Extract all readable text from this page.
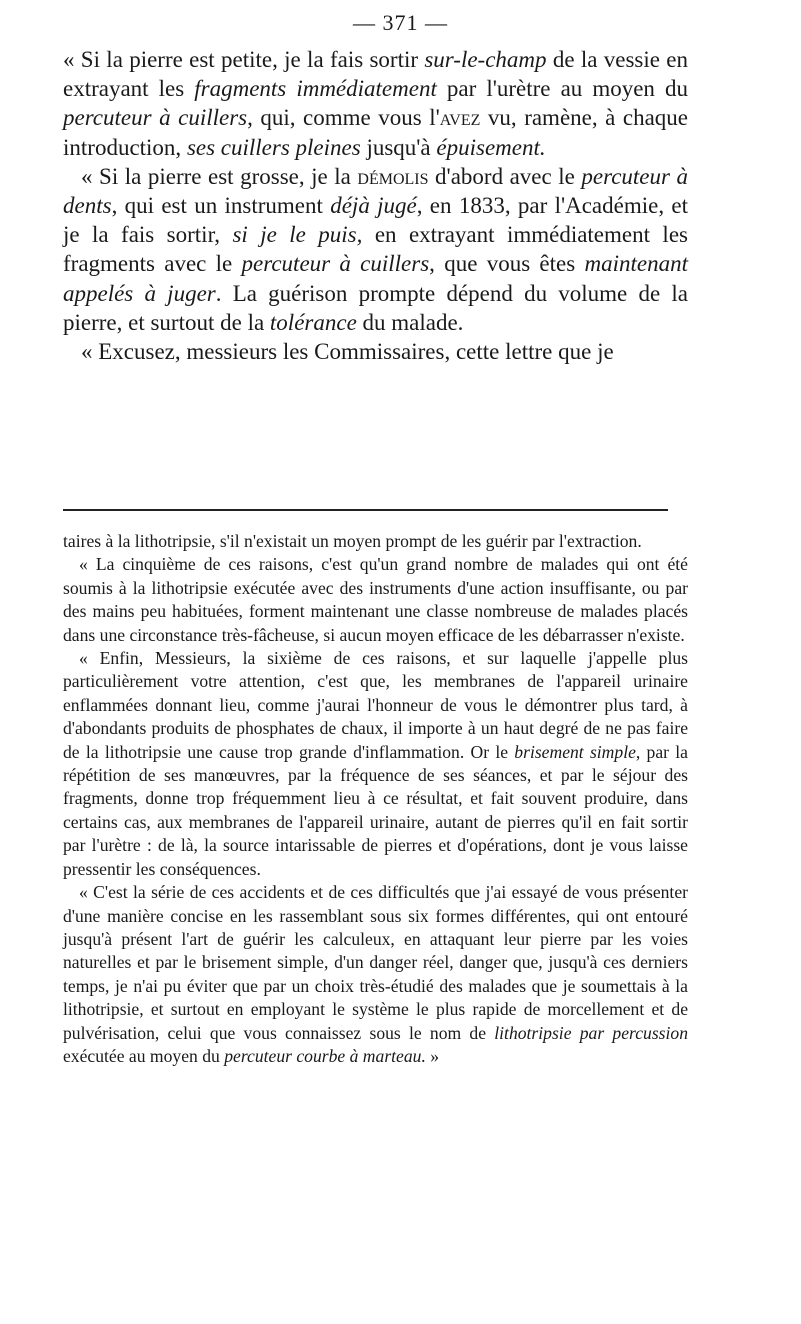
— 371 —

« Si la pierre est petite, je la fais sortir sur-le-champ de la vessie en extrayant les fragments immédiatement par l'urètre au moyen du percuteur à cuillers, qui, comme vous l'avez vu, ramène, à chaque introduction, ses cuillers pleines jusqu'à épuisement.

« Si la pierre est grosse, je la démolis d'abord avec le percuteur à dents, qui est un instrument déjà jugé, en 1833, par l'Académie, et je la fais sortir, si je le puis, en extrayant immédiatement les fragments avec le percuteur à cuillers, que vous êtes maintenant appelés à juger. La guérison prompte dépend du volume de la pierre, et surtout de la tolérance du malade.

« Excusez, messieurs les Commissaires, cette lettre que je

taires à la lithotripsie, s'il n'existait un moyen prompt de les guérir par l'extraction.

« La cinquième de ces raisons, c'est qu'un grand nombre de malades qui ont été soumis à la lithotripsie exécutée avec des instruments d'une action insuffisante, ou par des mains peu habituées, forment maintenant une classe nombreuse de malades placés dans une circonstance très-fâcheuse, si aucun moyen efficace de les débarrasser n'existe.

« Enfin, Messieurs, la sixième de ces raisons, et sur laquelle j'appelle plus particulièrement votre attention, c'est que, les membranes de l'appareil urinaire enflammées donnant lieu, comme j'aurai l'honneur de vous le démontrer plus tard, à d'abondants produits de phosphates de chaux, il importe à un haut degré de ne pas faire de la lithotripsie une cause trop grande d'inflammation. Or le brisement simple, par la répétition de ses manœuvres, par la fréquence de ses séances, et par le séjour des fragments, donne trop fréquemment lieu à ce résultat, et fait souvent produire, dans certains cas, aux membranes de l'appareil urinaire, autant de pierres qu'il en fait sortir par l'urètre : de là, la source intarissable de pierres et d'opérations, dont je vous laisse pressentir les conséquences.

« C'est la série de ces accidents et de ces difficultés que j'ai essayé de vous présenter d'une manière concise en les rassemblant sous six formes différentes, qui ont entouré jusqu'à présent l'art de guérir les calculeux, en attaquant leur pierre par les voies naturelles et par le brisement simple, d'un danger réel, danger que, jusqu'à ces derniers temps, je n'ai pu éviter que par un choix très-étudié des malades que je soumettais à la lithotripsie, et surtout en employant le système le plus rapide de morcellement et de pulvérisation, celui que vous connaissez sous le nom de lithotripsie par percussion exécutée au moyen du percuteur courbe à marteau. »
